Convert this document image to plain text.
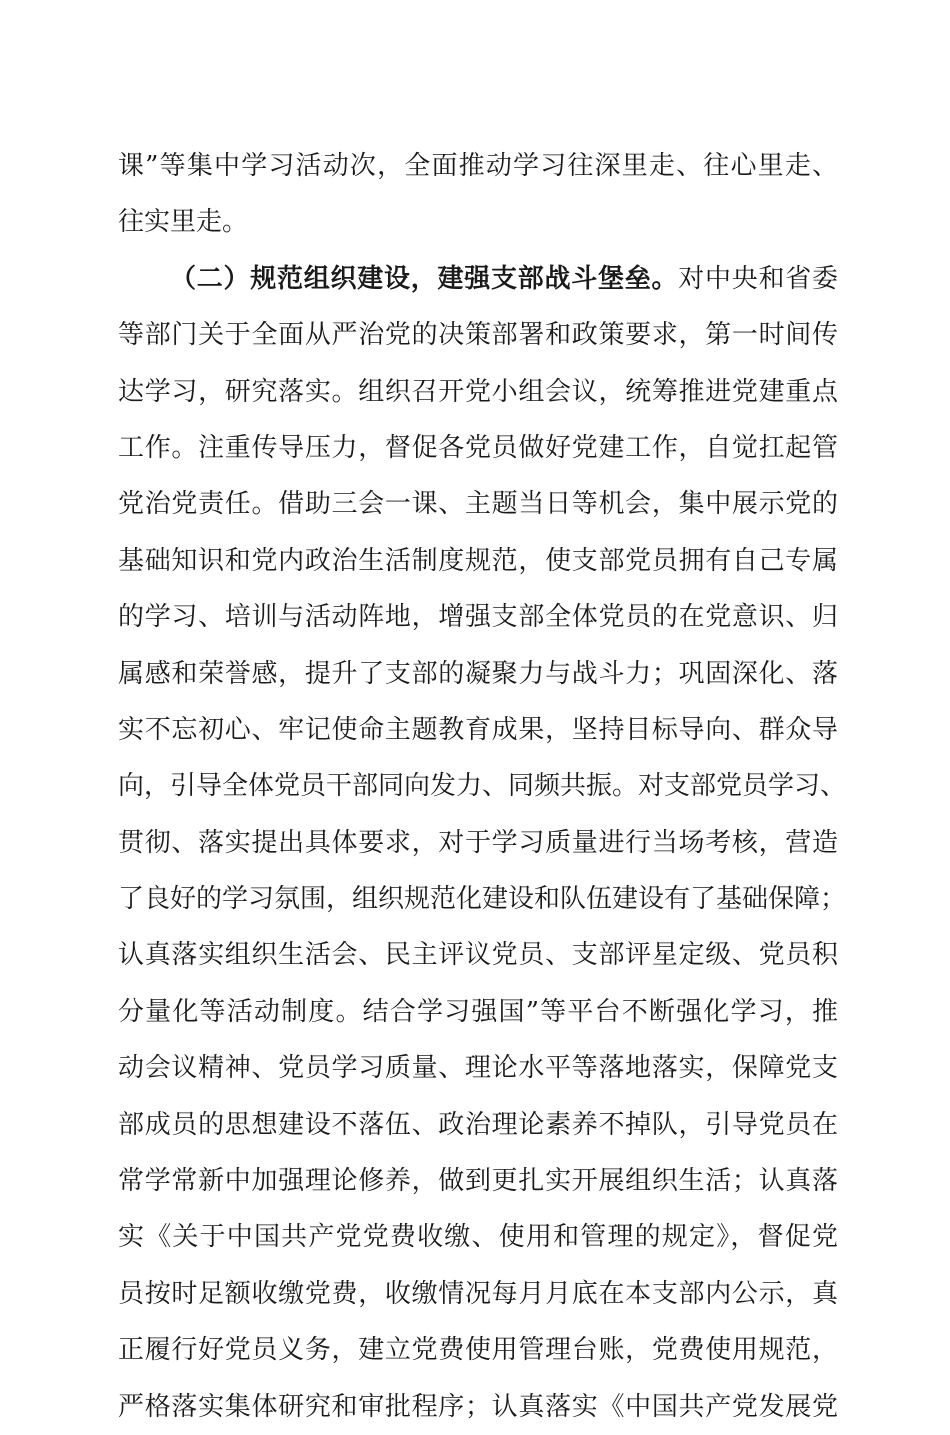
课”等集中学习活动次，全面推动学习往深里走、往心里走、
往实里走。
（二）规范组织建设，建强支部战斗堡垒。对中央和省委
等部门关于全面从严治党的决策部署和政策要求，第一时间传
达学习，研究落实。组织召开党小组会议，统筹推进党建重点
工作。注重传导压力，督促各党员做好党建工作，自觉扛起管
党治党责任。借助三会一课、主题当日等机会，集中展示党的
基础知识和党内政治生活制度规范，使支部党员拥有自己专属
的学习、培训与活动阵地，增强支部全体党员的在党意识、归
属感和荣誉感，提升了支部的凝聚力与战斗力；巩固深化、落
实不忘初心、牢记使命主题教育成果，坚持目标导向、群众导
向，引导全体党员干部同向发力、同频共振。对支部党员学习、
贯彻、落实提出具体要求，对于学习质量进行当场考核，营造
了良好的学习氛围，组织规范化建设和队伍建设有了基础保障；
认真落实组织生活会、民主评议党员、支部评星定级、党员积
分量化等活动制度。结合学习强国”等平台不断强化学习，推
动会议精神、党员学习质量、理论水平等落地落实，保障党支
部成员的思想建设不落伍、政治理论素养不掉队，引导党员在
常学常新中加强理论修养，做到更扎实开展组织生活；认真落
实《关于中国共产党党费收缴、使用和管理的规定》，督促党
员按时足额收缴党费，收缴情况每月月底在本支部内公示，真
正履行好党员义务，建立党费使用管理台账，党费使用规范，
严格落实集体研究和审批程序；认真落实《中国共产党发展党
